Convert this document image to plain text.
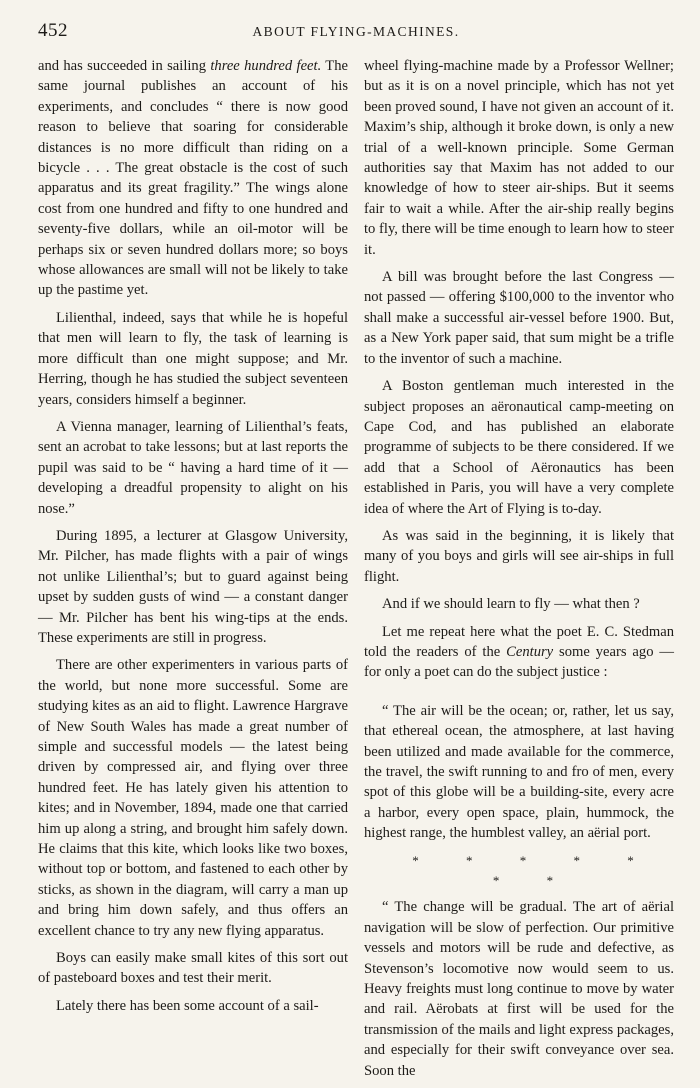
452	ABOUT FLYING-MACHINES.

and has succeeded in sailing three hundred feet. The same journal publishes an account of his experiments, and concludes “ there is now good reason to believe that soaring for considerable distances is no more difficult than riding on a bicycle . . . The great obstacle is the cost of such apparatus and its great fragility.” The wings alone cost from one hundred and fifty to one hundred and seventy-five dollars, while an oil-motor will be perhaps six or seven hundred dollars more; so boys whose allowances are small will not be likely to take up the pastime yet.

Lilienthal, indeed, says that while he is hopeful that men will learn to fly, the task of learning is more difficult than one might suppose; and Mr. Herring, though he has studied the subject seventeen years, considers himself a beginner.

A Vienna manager, learning of Lilienthal’s feats, sent an acrobat to take lessons; but at last reports the pupil was said to be “ having a hard time of it — developing a dreadful propensity to alight on his nose.”

During 1895, a lecturer at Glasgow University, Mr. Pilcher, has made flights with a pair of wings not unlike Lilienthal’s; but to guard against being upset by sudden gusts of wind — a constant danger — Mr. Pilcher has bent his wing-tips at the ends. These experiments are still in progress.

There are other experimenters in various parts of the world, but none more successful. Some are studying kites as an aid to flight. Lawrence Hargrave of New South Wales has made a great number of simple and successful models — the latest being driven by compressed air, and flying over three hundred feet. He has lately given his attention to kites; and in November, 1894, made one that carried him up along a string, and brought him safely down. He claims that this kite, which looks like two boxes, without top or bottom, and fastened to each other by sticks, as shown in the diagram, will carry a man up and bring him down safely, and thus offers an excellent chance to try any new flying apparatus.

Boys can easily make small kites of this sort out of pasteboard boxes and test their merit.

Lately there has been some account of a sail-

wheel flying-machine made by a Professor Wellner; but as it is on a novel principle, which has not yet been proved sound, I have not given an account of it. Maxim’s ship, although it broke down, is only a new trial of a well-known principle. Some German authorities say that Maxim has not added to our knowledge of how to steer air-ships. But it seems fair to wait a while. After the air-ship really begins to fly, there will be time enough to learn how to steer it.

A bill was brought before the last Congress — not passed — offering $100,000 to the inventor who shall make a successful air-vessel before 1900. But, as a New York paper said, that sum might be a trifle to the inventor of such a machine.

A Boston gentleman much interested in the subject proposes an aëronautical camp-meeting on Cape Cod, and has published an elaborate programme of subjects to be there considered. If we add that a School of Aëronautics has been established in Paris, you will have a very complete idea of where the Art of Flying is to-day.

As was said in the beginning, it is likely that many of you boys and girls will see air-ships in full flight.

And if we should learn to fly — what then ?

Let me repeat here what the poet E. C. Stedman told the readers of the Century some years ago — for only a poet can do the subject justice :

“ The air will be the ocean; or, rather, let us say, that ethereal ocean, the atmosphere, at last having been utilized and made available for the commerce, the travel, the swift running to and fro of men, every spot of this globe will be a building-site, every acre a harbor, every open space, plain, hummock, the highest range, the humblest valley, an aërial port.

* * * * * * *

“ The change will be gradual. The art of aërial navigation will be slow of perfection. Our primitive vessels and motors will be rude and defective, as Stevenson’s locomotive now would seem to us. Heavy freights must long continue to move by water and rail. Aërobats at first will be used for the transmission of the mails and light express packages, and especially for their swift conveyance over sea. Soon the
